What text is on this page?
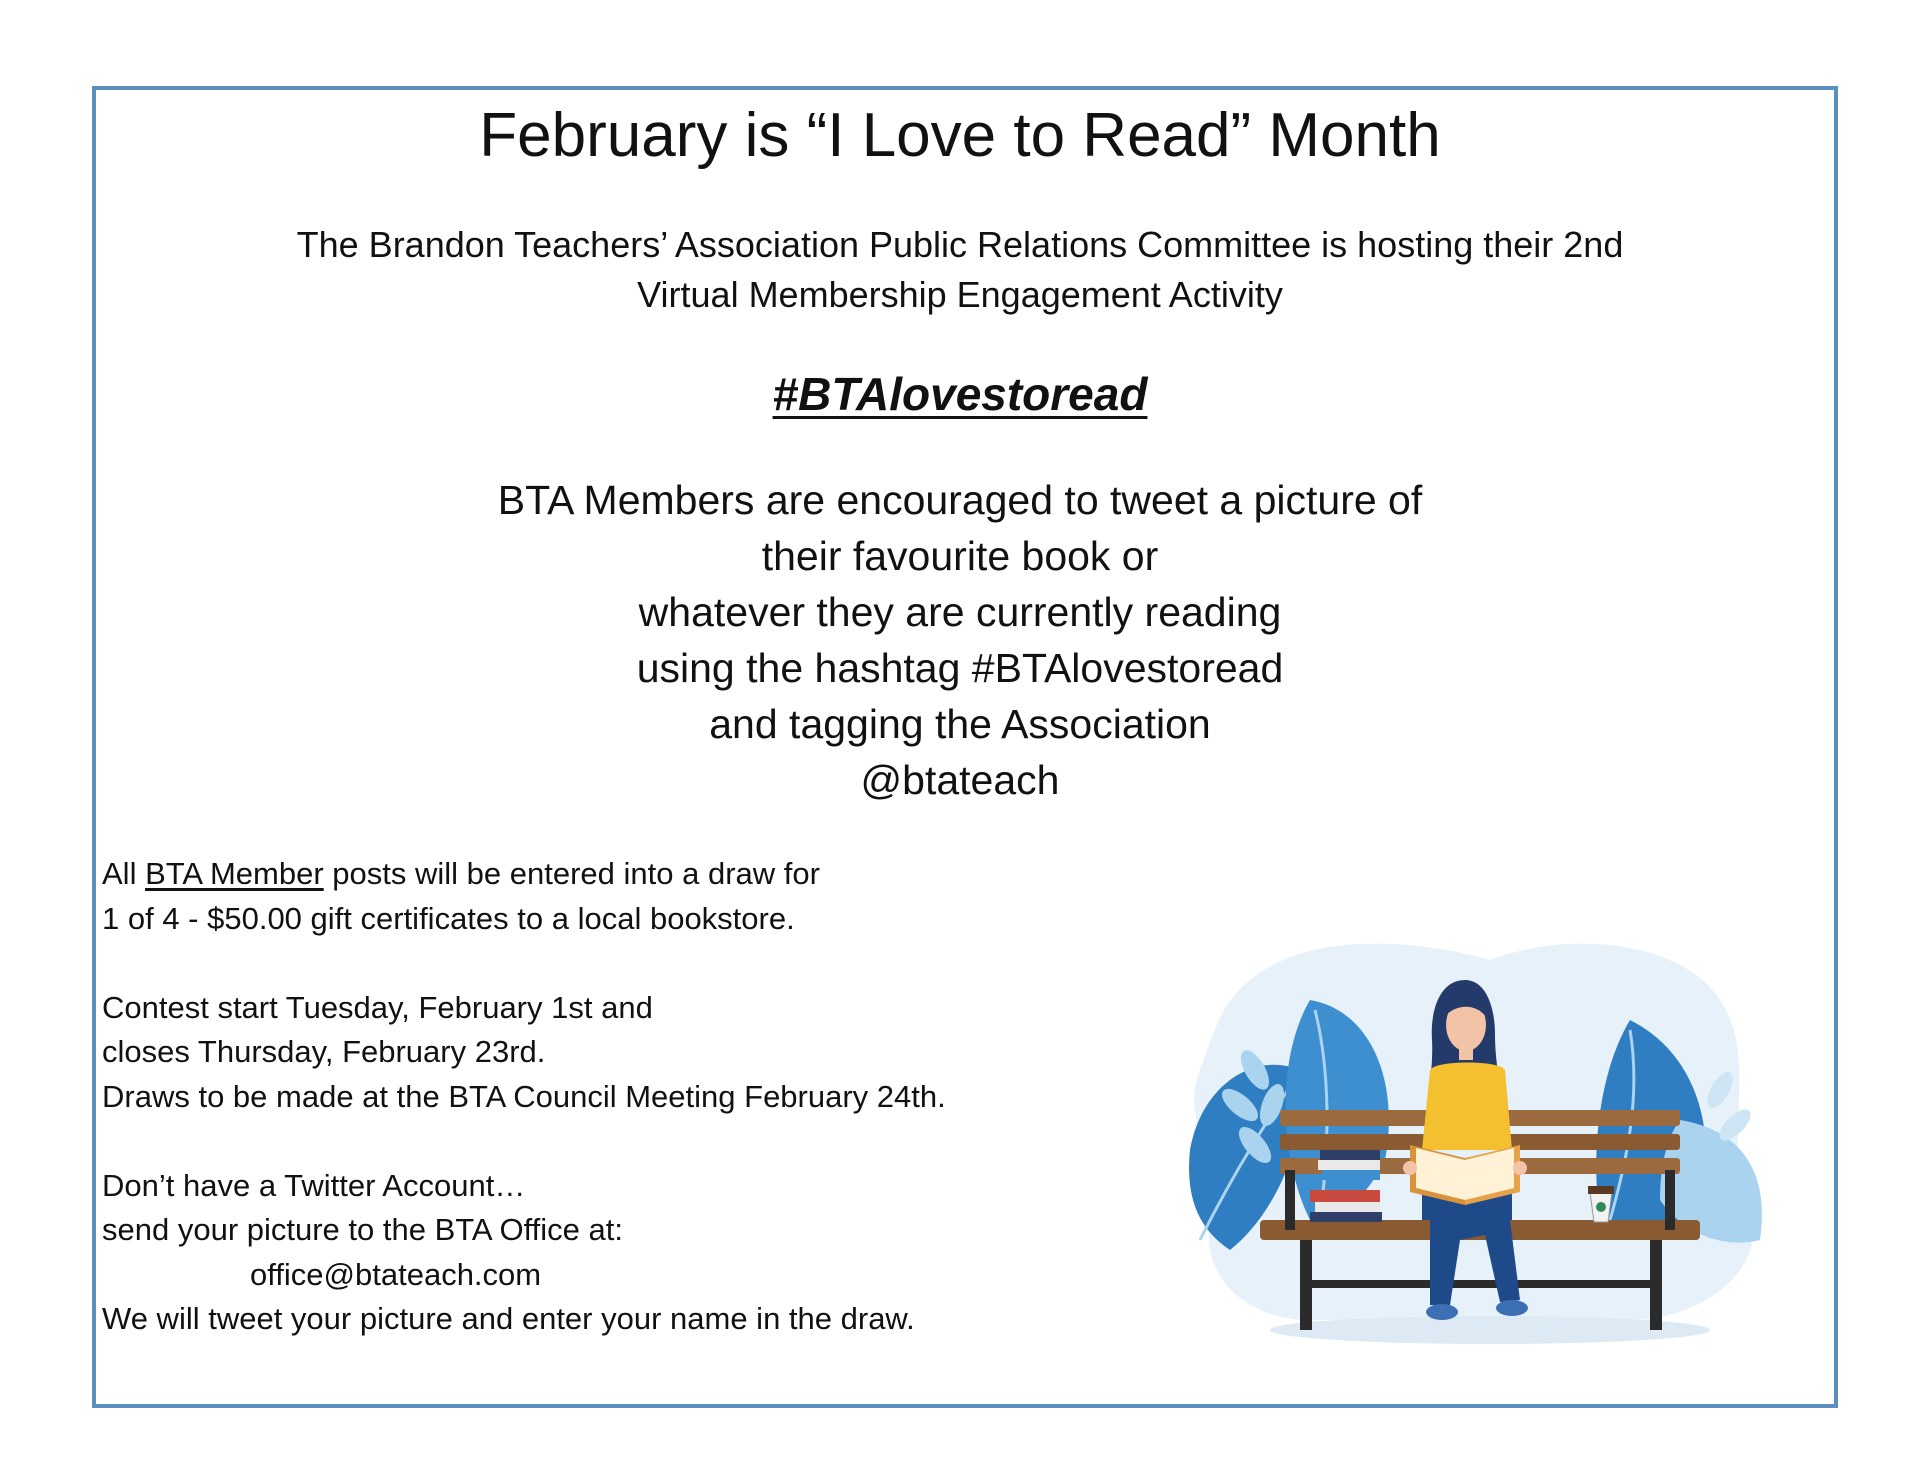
February is “I Love to Read” Month
The Brandon Teachers’ Association Public Relations Committee is hosting their 2nd
Virtual Membership Engagement Activity
#BTAlovestoread
BTA Members are encouraged to tweet a picture of
their favourite book or
whatever they are currently reading
using the hashtag #BTAlovestoread
and tagging the Association
@btateach
All BTA Member posts will be entered into a draw for
1 of 4 - $50.00 gift certificates to a local bookstore.
Contest start Tuesday, February 1st and
closes Thursday, February 23rd.
Draws to be made at the BTA Council Meeting February 24th.
Don’t have a Twitter Account…
send your picture to the BTA Office at:
office@btateach.com
We will tweet your picture and enter your name in the draw.
